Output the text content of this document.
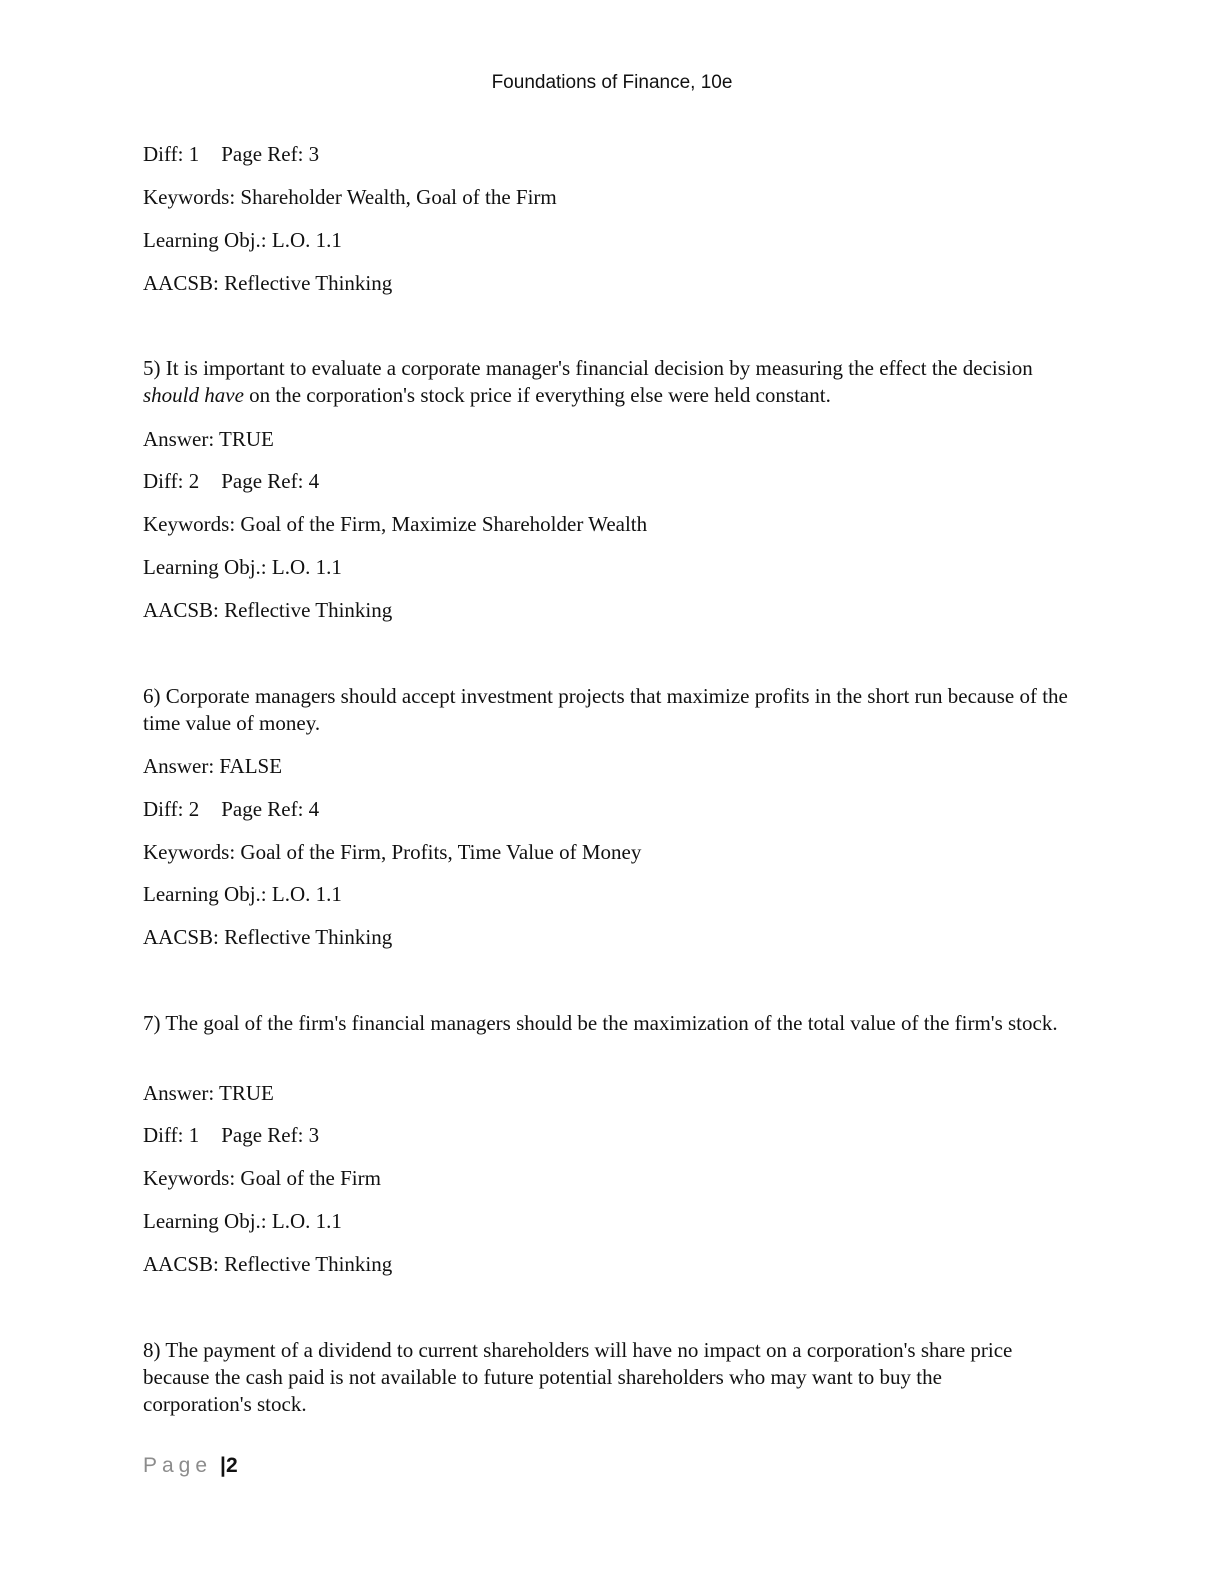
Foundations of Finance, 10e
Diff: 1 Page Ref: 3
Keywords: Shareholder Wealth, Goal of the Firm
Learning Obj.: L.O. 1.1
AACSB: Reflective Thinking
5) It is important to evaluate a corporate manager's financial decision by measuring the effect the decision should have on the corporation's stock price if everything else were held constant.
Answer: TRUE
Diff: 2 Page Ref: 4
Keywords: Goal of the Firm, Maximize Shareholder Wealth
Learning Obj.: L.O. 1.1
AACSB: Reflective Thinking
6) Corporate managers should accept investment projects that maximize profits in the short run because of the time value of money.
Answer: FALSE
Diff: 2 Page Ref: 4
Keywords: Goal of the Firm, Profits, Time Value of Money
Learning Obj.: L.O. 1.1
AACSB: Reflective Thinking
7) The goal of the firm's financial managers should be the maximization of the total value of the firm's stock.
Answer: TRUE
Diff: 1 Page Ref: 3
Keywords: Goal of the Firm
Learning Obj.: L.O. 1.1
AACSB: Reflective Thinking
8) The payment of a dividend to current shareholders will have no impact on a corporation's share price because the cash paid is not available to future potential shareholders who may want to buy the corporation's stock.
Page |2
